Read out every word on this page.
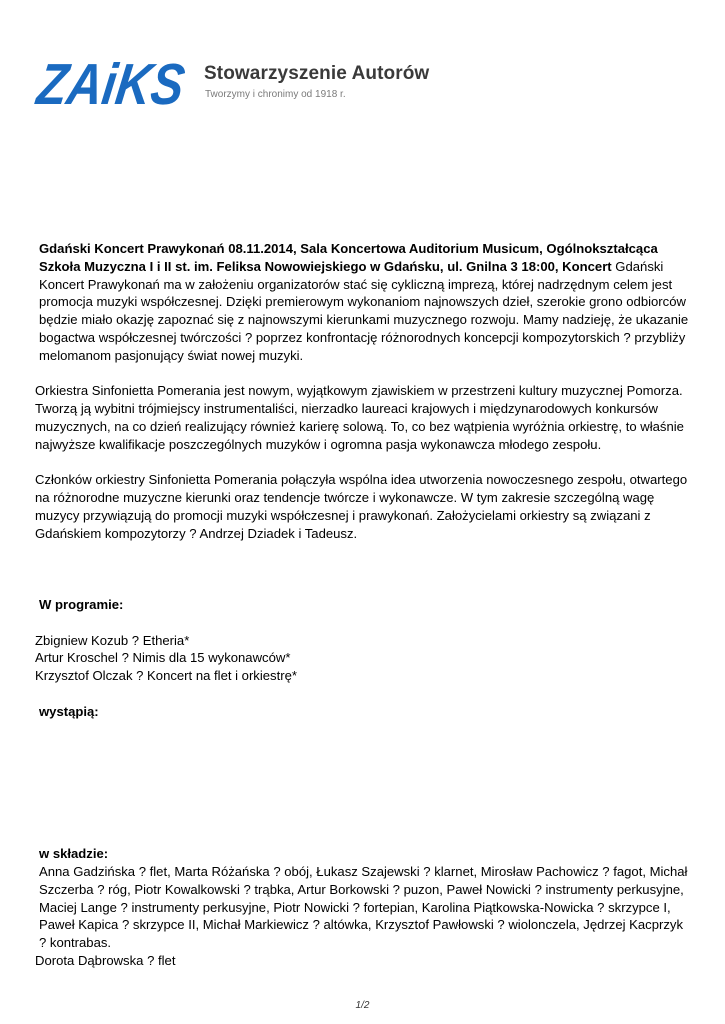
ZAiKS
Stowarzyszenie Autorów
Tworzymy i chronimy od 1918 r.

Gdański Koncert Prawykonań 08.11.2014, Sala Koncertowa Auditorium Musicum, Ogólnokształcąca Szkoła Muzyczna I i II st. im. Feliksa Nowowiejskiego w Gdańsku, ul. Gnilna 3 18:00, Koncert Gdański Koncert Prawykonań ma w założeniu organizatorów stać się cykliczną imprezą, której nadrzędnym celem jest promocja muzyki współczesnej. Dzięki premierowym wykonaniom najnowszych dzieł, szerokie grono odbiorców będzie miało okazję zapoznać się z najnowszymi kierunkami muzycznego rozwoju. Mamy nadzieję, że ukazanie bogactwa współczesnej twórczości ? poprzez konfrontację różnorodnych koncepcji kompozytorskich ? przybliży melomanom pasjonujący świat nowej muzyki.

Orkiestra Sinfonietta Pomerania jest nowym, wyjątkowym zjawiskiem w przestrzeni kultury muzycznej Pomorza. Tworzą ją wybitni trójmiejscy instrumentaliści, nierzadko laureaci krajowych i międzynarodowych konkursów muzycznych, na co dzień realizujący również karierę solową. To, co bez wątpienia wyróżnia orkiestrę, to właśnie najwyższe kwalifikacje poszczególnych muzyków i ogromna pasja wykonawcza młodego zespołu.

Członków orkiestry Sinfonietta Pomerania połączyła wspólna idea utworzenia nowoczesnego zespołu, otwartego na różnorodne muzyczne kierunki oraz tendencje twórcze i wykonawcze. W tym zakresie szczególną wagę muzycy przywiązują do promocji muzyki współczesnej i prawykonań. Założycielami orkiestry są związani z Gdańskiem kompozytorzy ? Andrzej Dziadek i Tadeusz.

W programie:

Zbigniew Kozub ? Etheria*

Artur Kroschel ? Nimis dla 15 wykonawców*

Krzysztof Olczak ? Koncert na flet i orkiestrę*

wystąpią:

w składzie:

Anna Gadzińska ? flet, Marta Różańska ? obój, Łukasz Szajewski ? klarnet, Mirosław Pachowicz ? fagot, Michał Szczerba ? róg, Piotr Kowalkowski ? trąbka, Artur Borkowski ? puzon, Paweł Nowicki ? instrumenty perkusyjne, Maciej Lange ? instrumenty perkusyjne, Piotr Nowicki ? fortepian, Karolina Piątkowska-Nowicka ? skrzypce I, Paweł Kapica ? skrzypce II, Michał Markiewicz ? altówka, Krzysztof Pawłowski ? wiolonczela, Jędrzej Kacprzyk ? kontrabas.

Dorota Dąbrowska ? flet

1/2
